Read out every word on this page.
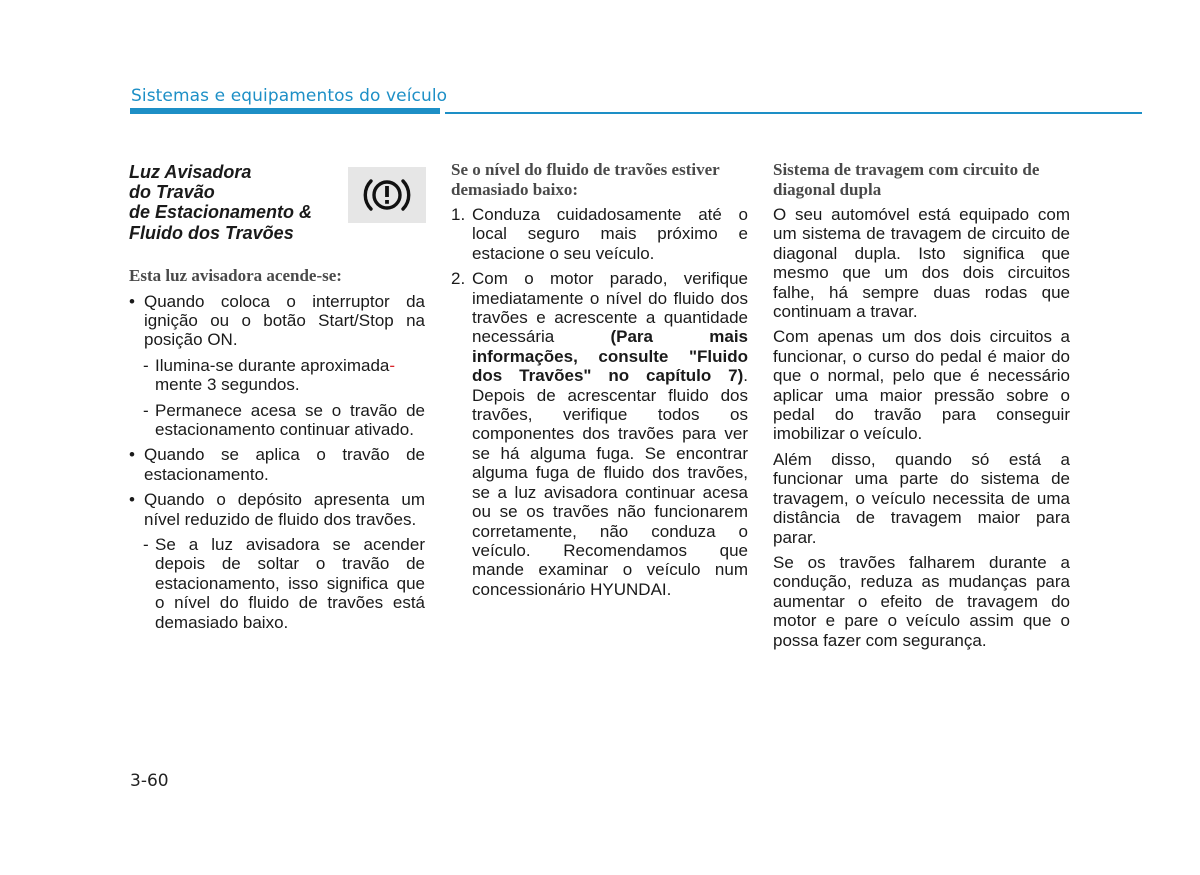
Sistemas e equipamentos do veículo
Luz Avisadora
do Travão
de Estacionamento &
Fluido dos Travões
Esta luz avisadora acende-se:
• Quando coloca o interruptor da ignição ou o botão Start/Stop na posição ON.
- Ilumina-se durante aproximada-
mente 3 segundos.
- Permanece acesa se o travão de estacionamento continuar ativado.
• Quando se aplica o travão de estacionamento.
• Quando o depósito apresenta um nível reduzido de fluido dos travões.
- Se a luz avisadora se acender depois de soltar o travão de estacionamento, isso significa que o nível do fluido de travões está demasiado baixo.
Se o nível do fluido de travões estiver demasiado baixo:
1. Conduza cuidadosamente até o local seguro mais próximo e estacione o seu veículo.
2. Com o motor parado, verifique imediatamente o nível do fluido dos travões e acrescente a quantidade necessária (Para mais informações, consulte "Fluido dos Travões" no capítulo 7). Depois de acrescentar fluido dos travões, verifique todos os componentes dos travões para ver se há alguma fuga. Se encontrar alguma fuga de fluido dos travões, se a luz avisadora continuar acesa ou se os travões não funcionarem corretamente, não conduza o veículo. Recomendamos que mande examinar o veículo num concessionário HYUNDAI.
Sistema de travagem com circuito de diagonal dupla
O seu automóvel está equipado com um sistema de travagem de circuito de diagonal dupla. Isto significa que mesmo que um dos dois circuitos falhe, há sempre duas rodas que continuam a travar.
Com apenas um dos dois circuitos a funcionar, o curso do pedal é maior do que o normal, pelo que é necessário aplicar uma maior pressão sobre o pedal do travão para conseguir imobilizar o veículo.
Além disso, quando só está a funcionar uma parte do sistema de travagem, o veículo necessita de uma distância de travagem maior para parar.
Se os travões falharem durante a condução, reduza as mudanças para aumentar o efeito de travagem do motor e pare o veículo assim que o possa fazer com segurança.
3-60
